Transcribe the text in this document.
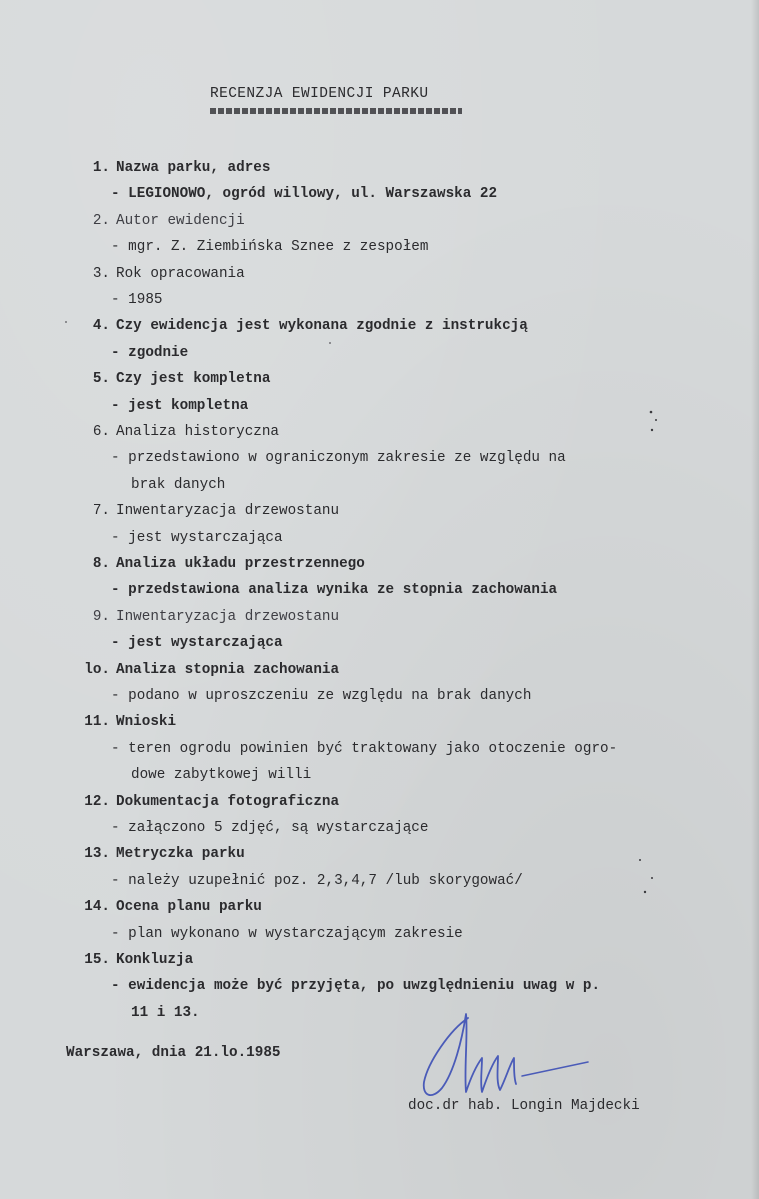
RECENZJA EWIDENCJI PARKU
1. Nazwa parku, adres
- LEGIONOWO, ogród willowy, ul. Warszawska 22
2. Autor ewidencji
- mgr. Z. Ziembińska Sznee z zespołem
3. Rok opracowania
- 1985
4. Czy ewidencja jest wykonana zgodnie z instrukcją
- zgodnie
5. Czy jest kompletna
- jest kompletna
6. Analiza historyczna
- przedstawiono w ograniczonym zakresie ze względu na
brak danych
7. Inwentaryzacja drzewostanu
- jest wystarczająca
8. Analiza układu przestrzennego
- przedstawiona analiza wynika ze stopnia zachowania
9. Inwentaryzacja drzewostanu
- jest wystarczająca
lo. Analiza stopnia zachowania
- podano w uproszczeniu ze względu na brak danych
11. Wnioski
- teren ogrodu powinien być traktowany jako otoczenie ogro-
dowe zabytkowej willi
12. Dokumentacja fotograficzna
- załączono 5 zdjęć, są wystarczające
13. Metryczka parku
- należy uzupełnić poz. 2,3,4,7 /lub skorygować/
14. Ocena planu parku
- plan wykonano w wystarczającym zakresie
15. Konkluzja
- ewidencja może być przyjęta, po uwzględnieniu uwag w p.
11 i 13.
Warszawa, dnia 21.lo.1985
doc.dr hab. Longin Majdecki
